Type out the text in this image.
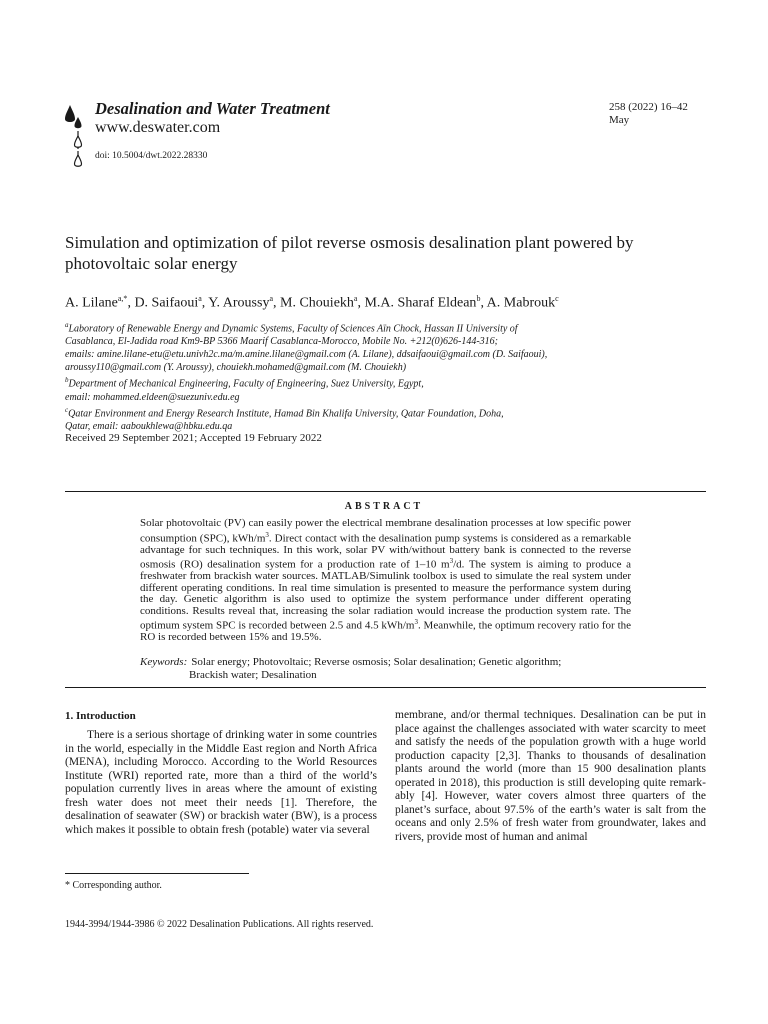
Desalination and Water Treatment
www.deswater.com
doi: 10.5004/dwt.2022.28330
258 (2022) 16–42
May
Simulation and optimization of pilot reverse osmosis desalination plant powered by photovoltaic solar energy
A. Lilane$^{a,*}$, D. Saifaoui$^a$, Y. Aroussy$^a$, M. Chouiekh$^a$, M.A. Sharaf Eldean$^b$, A. Mabrouk$^c$
$^a$Laboratory of Renewable Energy and Dynamic Systems, Faculty of Sciences Aïn Chock, Hassan II University of
Casablanca, El-Jadida road Km9-BP 5366 Maarif Casablanca-Morocco, Mobile No. +212(0)626-144-316;
emails: amine.lilane-etu@etu.univh2c.ma/m.amine.lilane@gmail.com (A. Lilane), ddsaifaoui@gmail.com (D. Saifaoui),
aroussy110@gmail.com (Y. Aroussy), chouiekh.mohamed@gmail.com (M. Chouiekh)
$^b$Department of Mechanical Engineering, Faculty of Engineering, Suez University, Egypt,
email: mohammed.eldeen@suezuniv.edu.eg
$^c$Qatar Environment and Energy Research Institute, Hamad Bin Khalifa University, Qatar Foundation, Doha,
Qatar, email: aaboukhlewa@hbku.edu.qa
Received 29 September 2021; Accepted 19 February 2022
ABSTRACT
Solar photovoltaic (PV) can easily power the electrical membrane desalination processes at low specific power consumption (SPC), kWh/$m^3$. Direct contact with the desalination pump systems is considered as a remarkable advantage for such techniques. In this work, solar PV with/without battery bank is connected to the reverse osmosis (RO) desalination system for a production rate of 1–10 $m^3/d$. The system is aiming to produce a freshwater from brackish water sources. MATLAB/Simulink toolbox is used to simulate the real system under different operating conditions. In real time simulation is presented to measure the performance system during the day. Genetic algorithm is also used to optimize the system performance under different operating conditions. Results reveal that, increasing the solar radiation would increase the production system rate. The optimum system SPC is recorded between 2.5 and 4.5 kWh/$m^3$. Meanwhile, the optimum recovery ratio for the RO is recorded between 15% and 19.5%.
Keywords: Solar energy; Photovoltaic; Reverse osmosis; Solar desalination; Genetic algorithm;
Brackish water; Desalination
1. Introduction
There is a serious shortage of drinking water in some countries in the world, especially in the Middle East region and North Africa (MENA), including Morocco. According to the World Resources Institute (WRI) reported rate, more than a third of the world’s population currently lives in areas where the amount of existing fresh water does not meet their needs [1]. Therefore, the desalination of seawater (SW) or brackish water (BW), is a process which makes it possible to obtain fresh (potable) water via several
membrane, and/or thermal techniques. Desalination can be put in place against the challenges associated with water scarcity to meet and satisfy the needs of the population growth with a huge world production capacity [2,3]. Thanks to thousands of desalination plants around the world (more than 15 900 desalination plants operated in 2018), this production is still developing quite remarkably [4]. However, water covers almost three quarters of the planet’s surface, about 97.5% of the earth’s water is salt from the oceans and only 2.5% of fresh water from groundwater, lakes and rivers, provide most of human and animal
* Corresponding author.
1944-3994/1944-3986 © 2022 Desalination Publications. All rights reserved.
